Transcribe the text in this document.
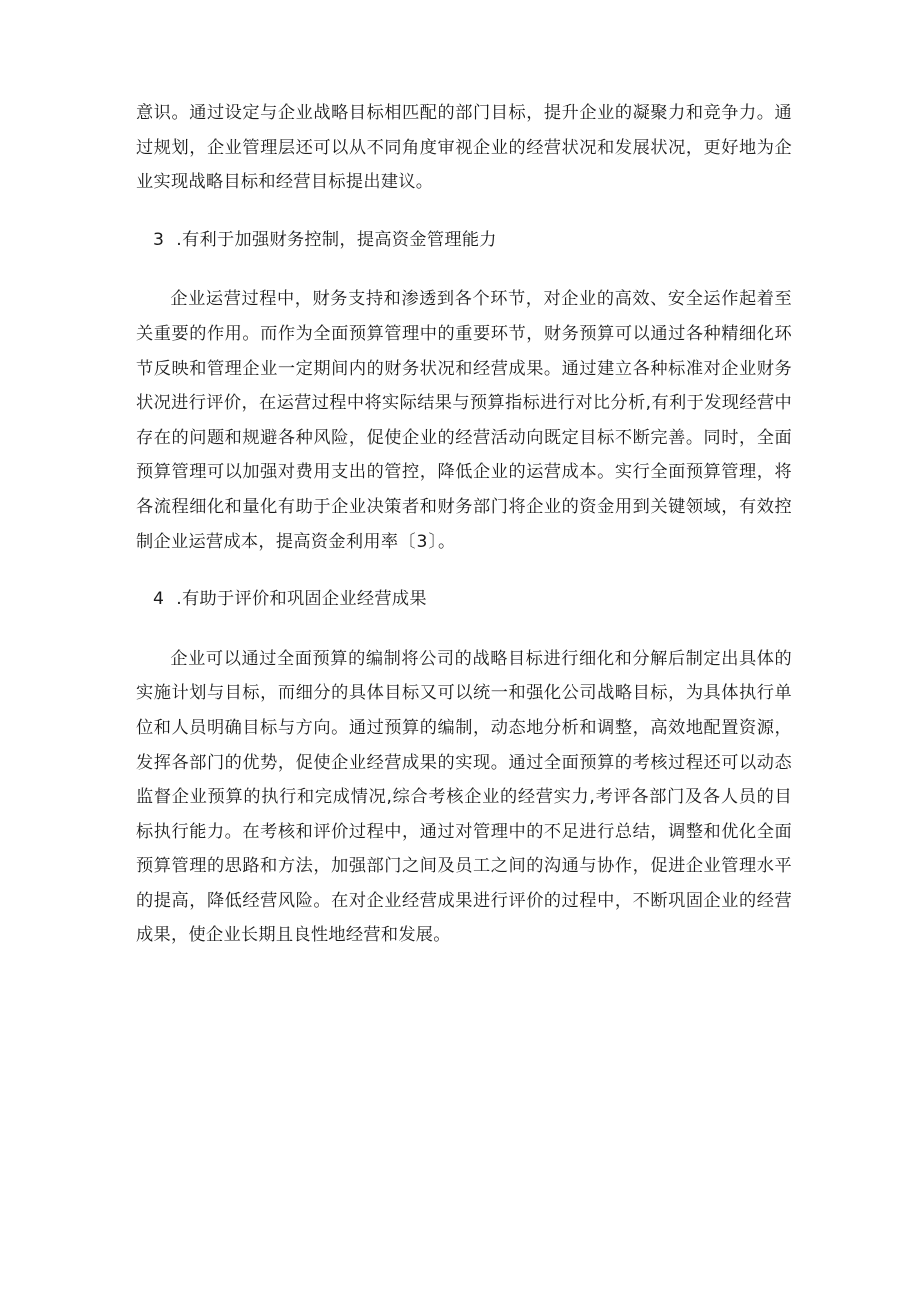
意识。通过设定与企业战略目标相匹配的部门目标，提升企业的凝聚力和竞争力。通过规划，企业管理层还可以从不同角度审视企业的经营状况和发展状况，更好地为企业实现战略目标和经营目标提出建议。

3 .有利于加强财务控制，提高资金管理能力

企业运营过程中，财务支持和渗透到各个环节，对企业的高效、安全运作起着至关重要的作用。而作为全面预算管理中的重要环节，财务预算可以通过各种精细化环节反映和管理企业一定期间内的财务状况和经营成果。通过建立各种标准对企业财务状况进行评价，在运营过程中将实际结果与预算指标进行对比分析,有利于发现经营中存在的问题和规避各种风险，促使企业的经营活动向既定目标不断完善。同时，全面预算管理可以加强对费用支出的管控，降低企业的运营成本。实行全面预算管理，将各流程细化和量化有助于企业决策者和财务部门将企业的资金用到关键领域，有效控制企业运营成本，提高资金利用率〔3〕。

4 .有助于评价和巩固企业经营成果

企业可以通过全面预算的编制将公司的战略目标进行细化和分解后制定出具体的实施计划与目标，而细分的具体目标又可以统一和强化公司战略目标，为具体执行单位和人员明确目标与方向。通过预算的编制，动态地分析和调整，高效地配置资源，发挥各部门的优势，促使企业经营成果的实现。通过全面预算的考核过程还可以动态监督企业预算的执行和完成情况,综合考核企业的经营实力,考评各部门及各人员的目标执行能力。在考核和评价过程中，通过对管理中的不足进行总结，调整和优化全面预算管理的思路和方法，加强部门之间及员工之间的沟通与协作，促进企业管理水平的提高，降低经营风险。在对企业经营成果进行评价的过程中，不断巩固企业的经营成果，使企业长期且良性地经营和发展。
